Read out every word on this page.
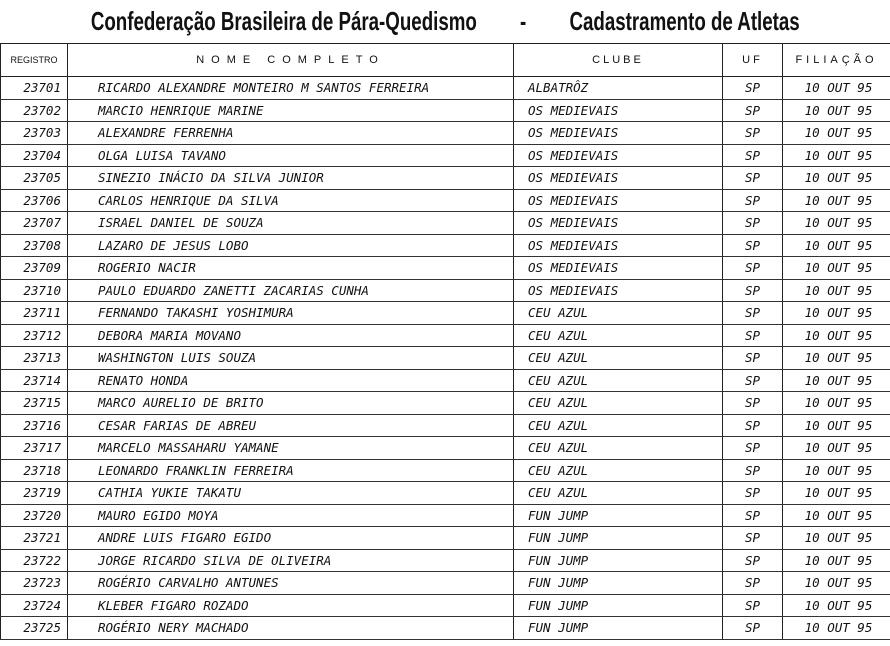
Confederação Brasileira de Pára-Quedismo - Cadastramento de Atletas
REGISTRO	NOME COMPLETO	CLUBE	UF	FILIAÇÃO
23701	RICARDO ALEXANDRE MONTEIRO M SANTOS FERREIRA	ALBATRÔZ	SP	10 OUT 95
23702	MARCIO HENRIQUE MARINE	OS MEDIEVAIS	SP	10 OUT 95
23703	ALEXANDRE FERRENHA	OS MEDIEVAIS	SP	10 OUT 95
23704	OLGA LUISA TAVANO	OS MEDIEVAIS	SP	10 OUT 95
23705	SINEZIO INÁCIO DA SILVA JUNIOR	OS MEDIEVAIS	SP	10 OUT 95
23706	CARLOS HENRIQUE DA SILVA	OS MEDIEVAIS	SP	10 OUT 95
23707	ISRAEL DANIEL DE SOUZA	OS MEDIEVAIS	SP	10 OUT 95
23708	LAZARO DE JESUS LOBO	OS MEDIEVAIS	SP	10 OUT 95
23709	ROGERIO NACIR	OS MEDIEVAIS	SP	10 OUT 95
23710	PAULO EDUARDO ZANETTI ZACARIAS CUNHA	OS MEDIEVAIS	SP	10 OUT 95
23711	FERNANDO TAKASHI YOSHIMURA	CEU AZUL	SP	10 OUT 95
23712	DEBORA MARIA MOVANO	CEU AZUL	SP	10 OUT 95
23713	WASHINGTON LUIS SOUZA	CEU AZUL	SP	10 OUT 95
23714	RENATO HONDA	CEU AZUL	SP	10 OUT 95
23715	MARCO AURELIO DE BRITO	CEU AZUL	SP	10 OUT 95
23716	CESAR FARIAS DE ABREU	CEU AZUL	SP	10 OUT 95
23717	MARCELO MASSAHARU YAMANE	CEU AZUL	SP	10 OUT 95
23718	LEONARDO FRANKLIN FERREIRA	CEU AZUL	SP	10 OUT 95
23719	CATHIA YUKIE TAKATU	CEU AZUL	SP	10 OUT 95
23720	MAURO EGIDO MOYA	FUN JUMP	SP	10 OUT 95
23721	ANDRE LUIS FIGARO EGIDO	FUN JUMP	SP	10 OUT 95
23722	JORGE RICARDO SILVA DE OLIVEIRA	FUN JUMP	SP	10 OUT 95
23723	ROGÉRIO CARVALHO ANTUNES	FUN JUMP	SP	10 OUT 95
23724	KLEBER FIGARO ROZADO	FUN JUMP	SP	10 OUT 95
23725	ROGÉRIO NERY MACHADO	FUN JUMP	SP	10 OUT 95
